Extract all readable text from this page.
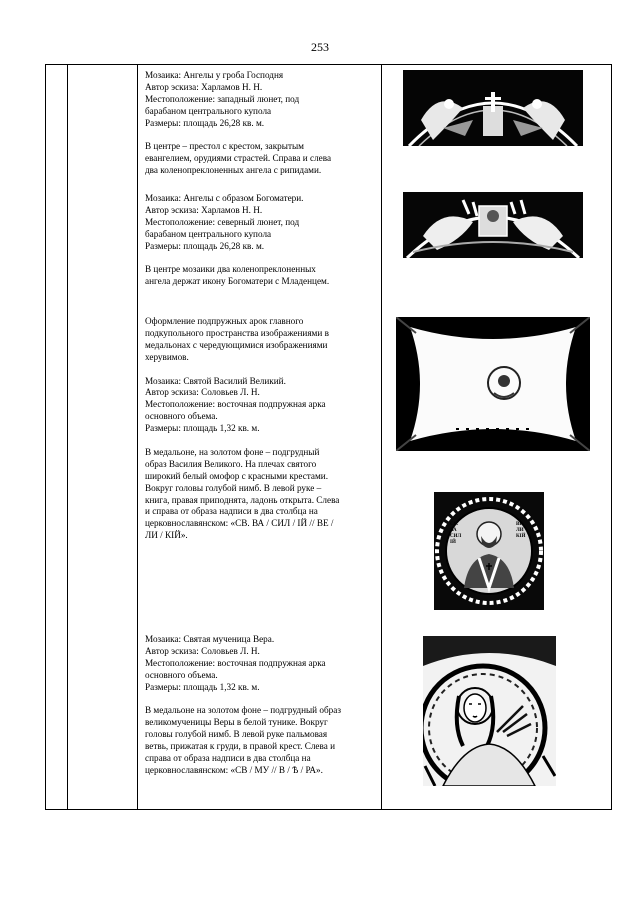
253

Мозаика: Ангелы у гроба Господня

Автор эскиза: Харламов Н. Н.

Местоположение: западный люнет, под

барабаном центрального купола

Размеры: площадь 26,28 кв. м.

В центре – престол с крестом, закрытым

евангелием, орудиями страстей. Справа и слева

два коленопреклоненных ангела с рипидами.

Мозаика: Ангелы с образом Богоматери.

Автор эскиза: Харламов Н. Н.

Местоположение: северный люнет, под

барабаном центрального купола

Размеры: площадь 26,28 кв. м.

В центре мозаики два коленопреклоненных

ангела держат икону Богоматери с Младенцем.

Оформление подпружных арок главного

подкупольного пространства изображениями в

медальонах с чередующимися изображениями

херувимов.

Мозаика: Святой Василий Великий.

Автор эскиза: Соловьев Л. Н.

Местоположение: восточная подпружная арка

основного объема.

Размеры: площадь 1,32 кв. м.

В медальоне, на золотом фоне – подгрудный

образ Василия Великого. На плечах святого

широкий белый омофор с красными крестами.

Вокруг головы голубой нимб. В левой руке –

книга, правая приподнята, ладонь открыта. Слева

и справа от образа надписи в два столбца на

церковнославянском: «СВ. ВА / СИЛ / ІЙ // ВЕ /

ЛИ / КІЙ».

Мозаика: Святая мученица Вера.

Автор эскиза: Соловьев Л. Н.

Местоположение: восточная подпружная арка

основного объема.

Размеры: площадь 1,32 кв. м.

В медальоне на золотом фоне – подгрудный образ

великомученицы Веры в белой тунике. Вокруг

головы голубой нимб. В левой руке пальмовая

ветвь, прижатая к груди, в правой крест. Слева и

справа от образа надписи в два столбца на

церковнославянском: «СВ / МУ // В / Ѣ / РА».

СВ. ВА СИЛ ІЙ
ВЕ ЛИ КІЙ
